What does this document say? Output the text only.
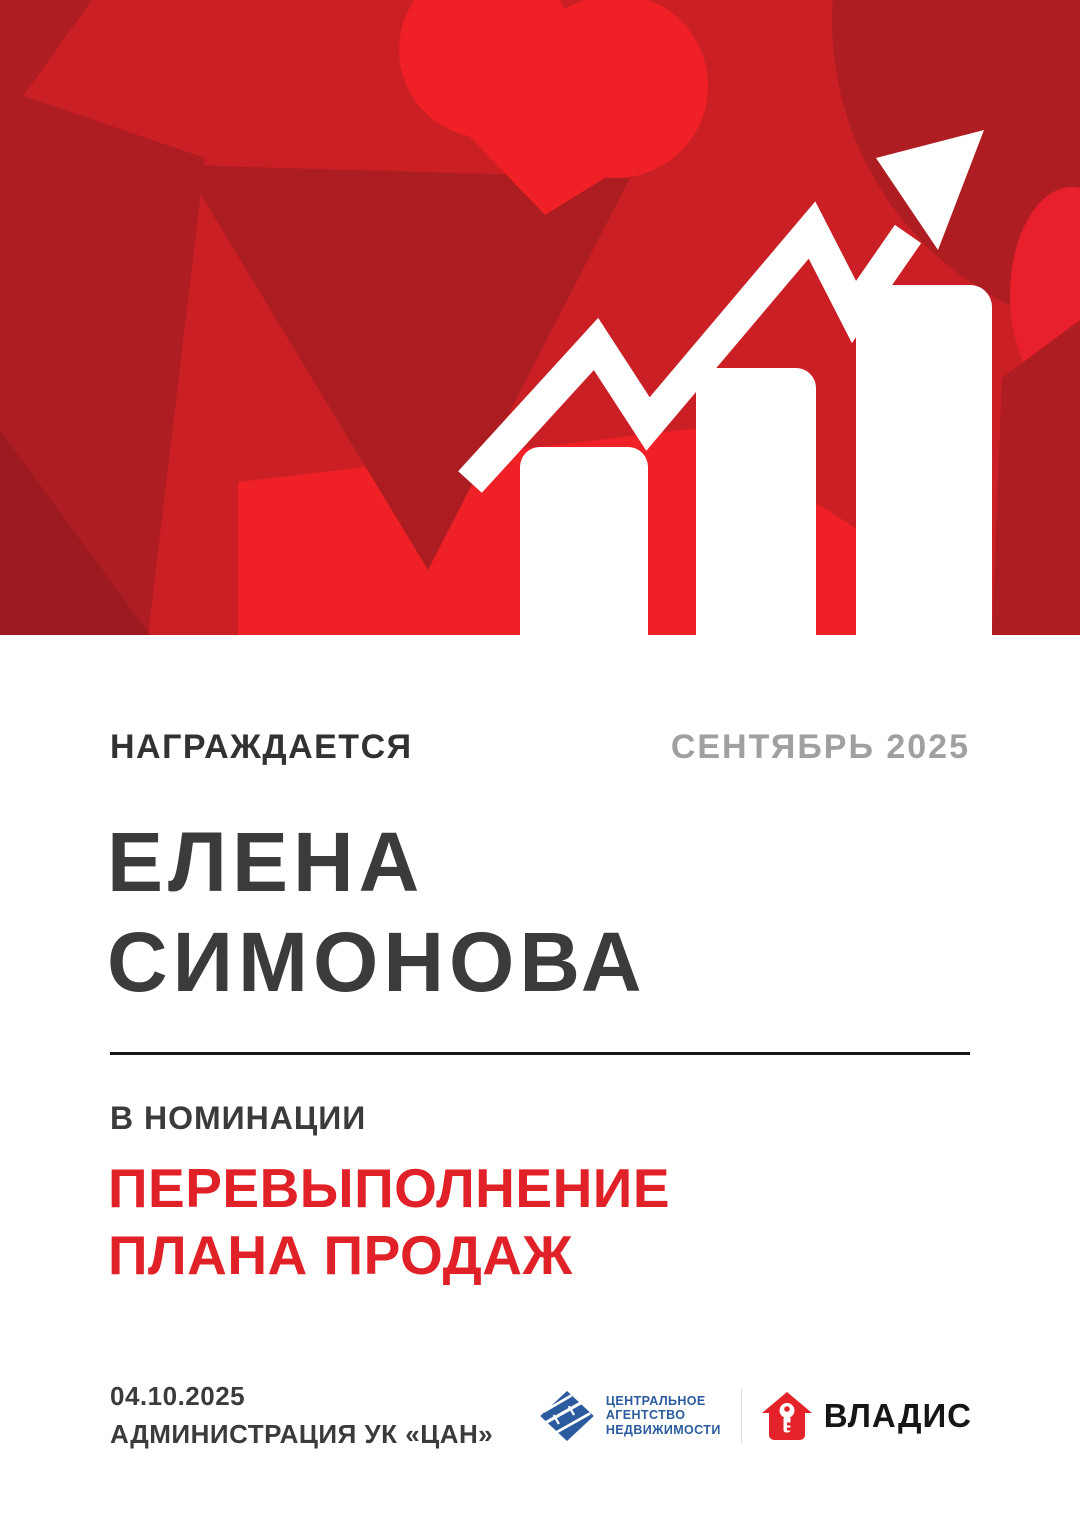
НАГРАЖДАЕТСЯ	СЕНТЯБРЬ 2025
ЕЛЕНА
СИМОНОВА
В НОМИНАЦИИ
ПЕРЕВЫПОЛНЕНИЕ
ПЛАНА ПРОДАЖ
04.10.2025
АДМИНИСТРАЦИЯ УК «ЦАН»
ЦЕНТРАЛЬНОЕ
АГЕНТСТВО
НЕДВИЖИМОСТИ	ВЛАДИС
